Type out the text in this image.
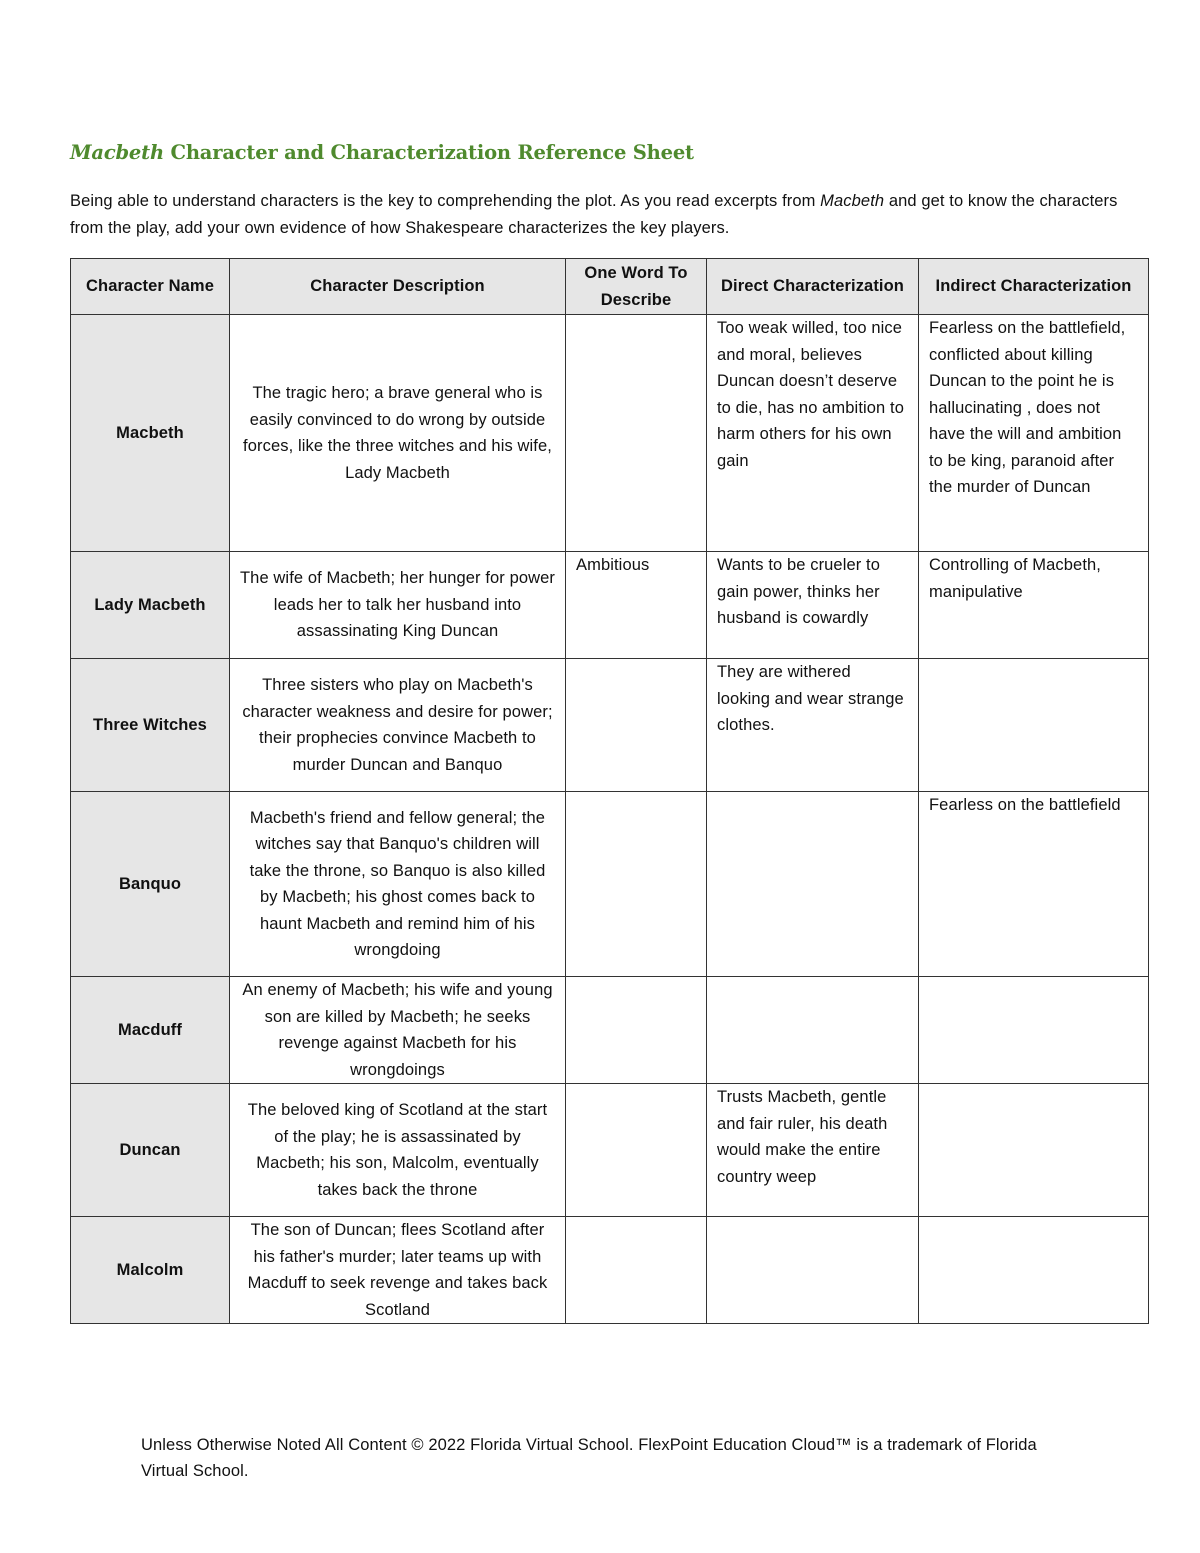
Macbeth Character and Characterization Reference Sheet

Being able to understand characters is the key to comprehending the plot. As you read excerpts from Macbeth and get to know the characters from the play, add your own evidence of how Shakespeare characterizes the key players.

Character Name	Character Description	One Word To Describe	Direct Characterization	Indirect Characterization
Macbeth	The tragic hero; a brave general who is easily convinced to do wrong by outside forces, like the three witches and his wife, Lady Macbeth		Too weak willed, too nice and moral, believes Duncan doesn’t deserve to die, has no ambition to harm others for his own gain	Fearless on the battlefield, conflicted about killing Duncan to the point he is hallucinating , does not have the will and ambition to be king, paranoid after the murder of Duncan
Lady Macbeth	The wife of Macbeth; her hunger for power leads her to talk her husband into assassinating King Duncan	Ambitious	Wants to be crueler to gain power, thinks her husband is cowardly	Controlling of Macbeth, manipulative
Three Witches	Three sisters who play on Macbeth's character weakness and desire for power; their prophecies convince Macbeth to murder Duncan and Banquo		They are withered looking and wear strange clothes.	
Banquo	Macbeth's friend and fellow general; the witches say that Banquo's children will take the throne, so Banquo is also killed by Macbeth; his ghost comes back to haunt Macbeth and remind him of his wrongdoing			Fearless on the battlefield
Macduff	An enemy of Macbeth; his wife and young son are killed by Macbeth; he seeks revenge against Macbeth for his wrongdoings			
Duncan	The beloved king of Scotland at the start of the play; he is assassinated by Macbeth; his son, Malcolm, eventually takes back the throne		Trusts Macbeth, gentle and fair ruler, his death would make the entire country weep	
Malcolm	The son of Duncan; flees Scotland after his father's murder; later teams up with Macduff to seek revenge and takes back Scotland			

Unless Otherwise Noted All Content © 2022 Florida Virtual School. FlexPoint Education Cloud™ is a trademark of Florida Virtual School.
